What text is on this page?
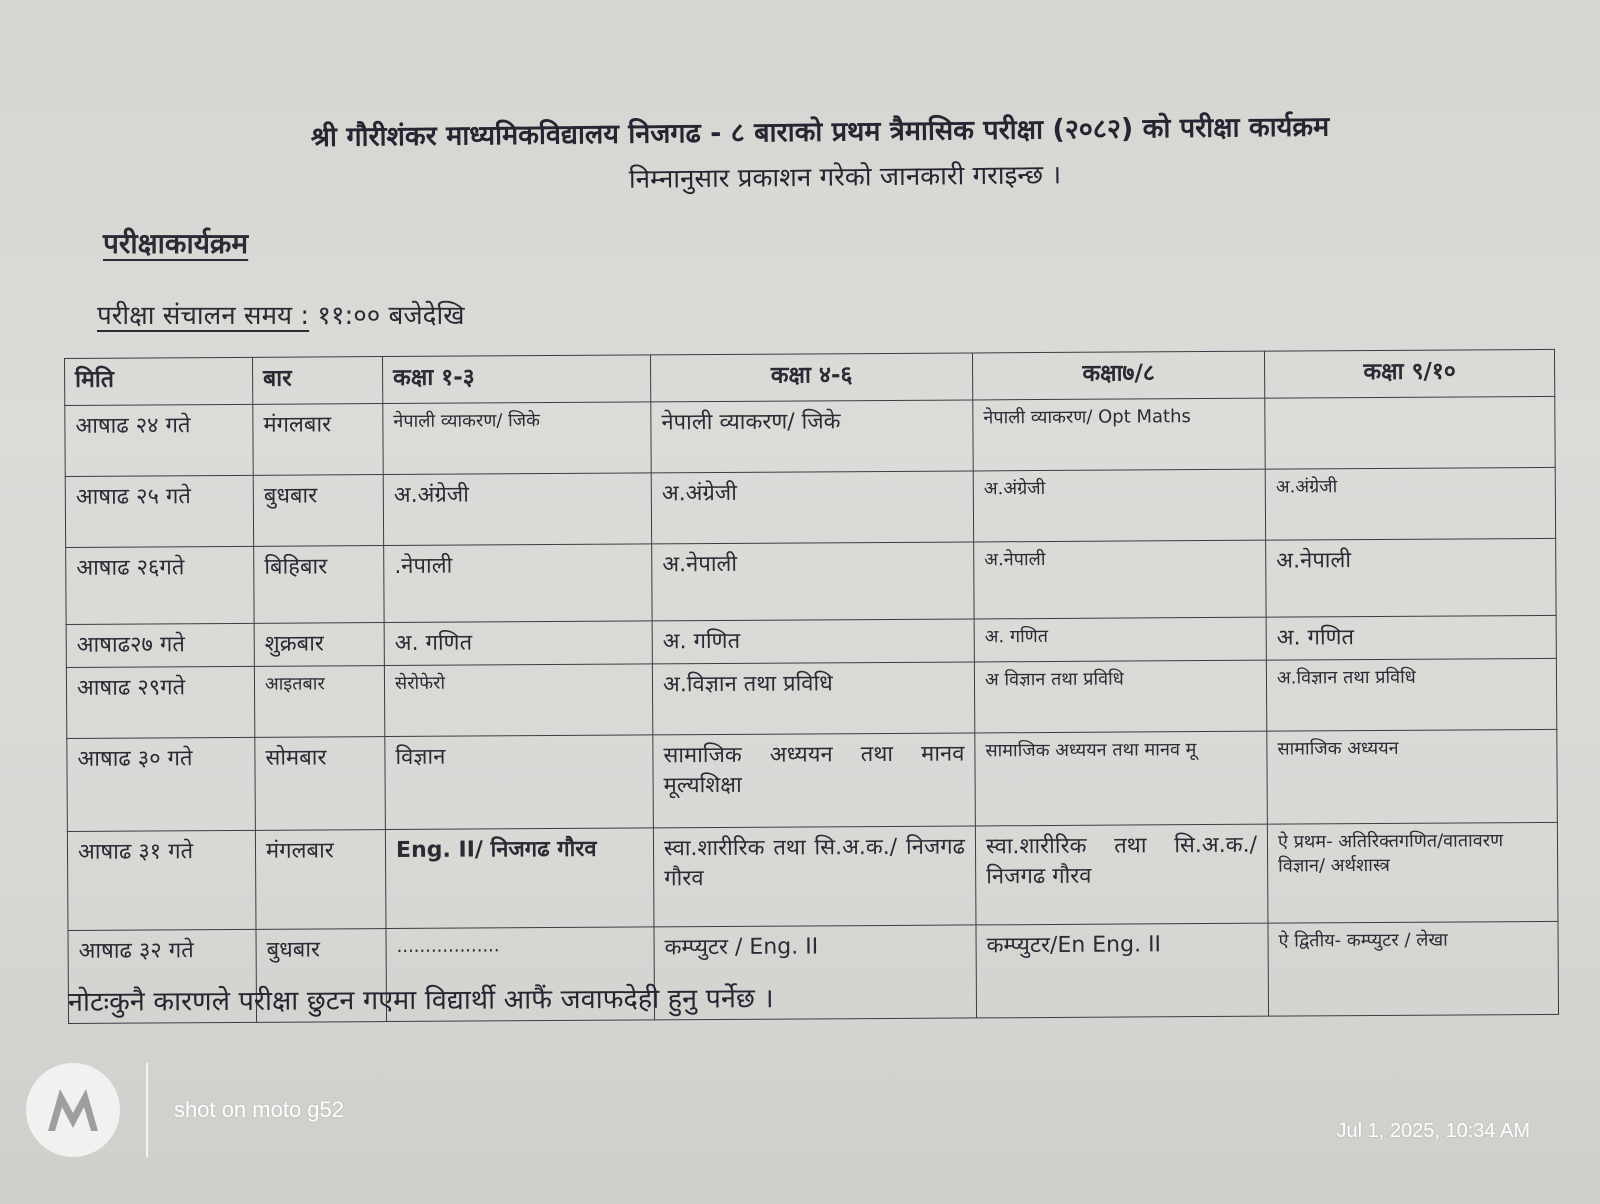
श्री गौरीशंकर माध्यमिकविद्यालय निजगढ - ८ बाराको प्रथम त्रैमासिक परीक्षा (२०८२) को परीक्षा कार्यक्रम
निम्नानुसार प्रकाशन गरेको जानकारी गराइन्छ ।
परीक्षाकार्यक्रम
परीक्षा संचालन समय : ११:०० बजेदेखि
मिति	बार	कक्षा १-३	कक्षा ४-६	कक्षा७/८	कक्षा ९/१०
आषाढ २४ गते	मंगलबार	नेपाली व्याकरण/ जिके	नेपाली व्याकरण/ जिके	नेपाली व्याकरण/ Opt Maths	
आषाढ २५ गते	बुधबार	अ.अंग्रेजी	अ.अंग्रेजी	अ.अंग्रेजी	अ.अंग्रेजी
आषाढ २६गते	बिहिबार	.नेपाली	अ.नेपाली	अ.नेपाली	अ.नेपाली
आषाढ२७ गते	शुक्रबार	अ. गणित	अ. गणित	अ. गणित	अ. गणित
आषाढ २९गते	आइतबार	सेरोफेरो	अ.विज्ञान तथा प्रविधि	अ विज्ञान तथा प्रविधि	अ.विज्ञान तथा प्रविधि
आषाढ ३० गते	सोमबार	विज्ञान	सामाजिक अध्ययन तथा मानव मूल्यशिक्षा	सामाजिक अध्ययन तथा मानव मू	सामाजिक अध्ययन
आषाढ ३१ गते	मंगलबार	Eng. II/ निजगढ गौरव	स्वा.शारीरिक तथा सि.अ.क./ निजगढ गौरव	स्वा.शारीरिक तथा सि.अ.क./ निजगढ गौरव	ऐ प्रथम- अतिरिक्तगणित/वातावरण विज्ञान/ अर्थशास्त्र
आषाढ ३२ गते	बुधबार	..................	कम्प्युटर / Eng. II	कम्प्युटर/En Eng. II	ऐ द्वितीय- कम्प्युटर / लेखा
नोटःकुनै कारणले परीक्षा छुटन गएमा विद्यार्थी आफैं जवाफदेही हुनु पर्नेछ ।
shot on moto g52
Jul 1, 2025, 10:34 AM
